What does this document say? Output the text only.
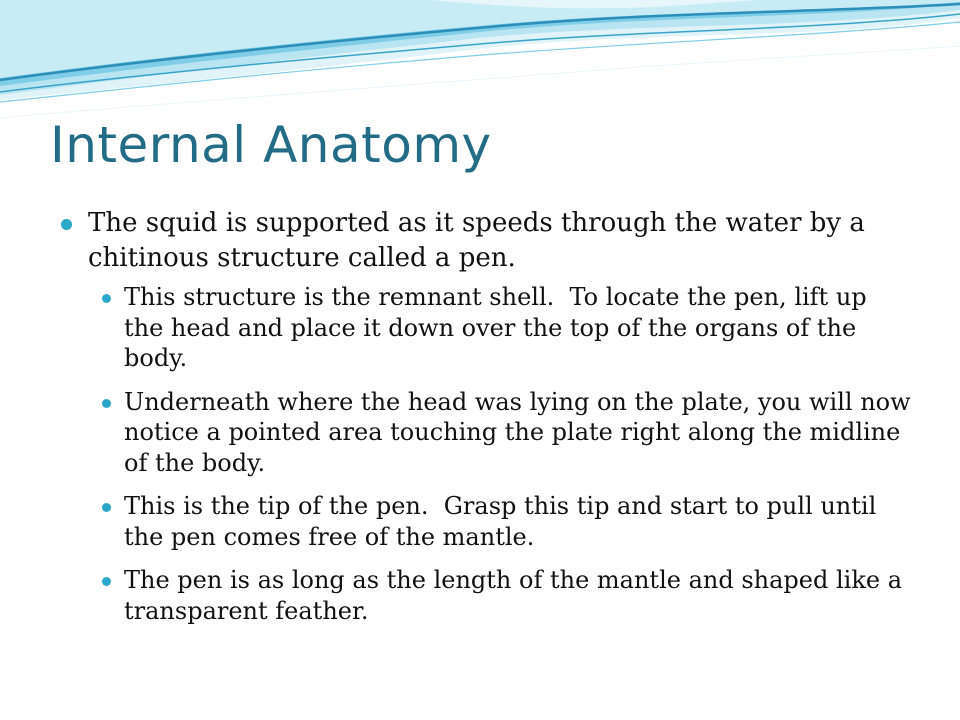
Internal Anatomy
The squid is supported as it speeds through the water by a chitinous structure called a pen.
This structure is the remnant shell.  To locate the pen, lift up the head and place it down over the top of the organs of the body.
Underneath where the head was lying on the plate, you will now notice a pointed area touching the plate right along the midline of the body.
This is the tip of the pen.  Grasp this tip and start to pull until the pen comes free of the mantle.
The pen is as long as the length of the mantle and shaped like a transparent feather.
